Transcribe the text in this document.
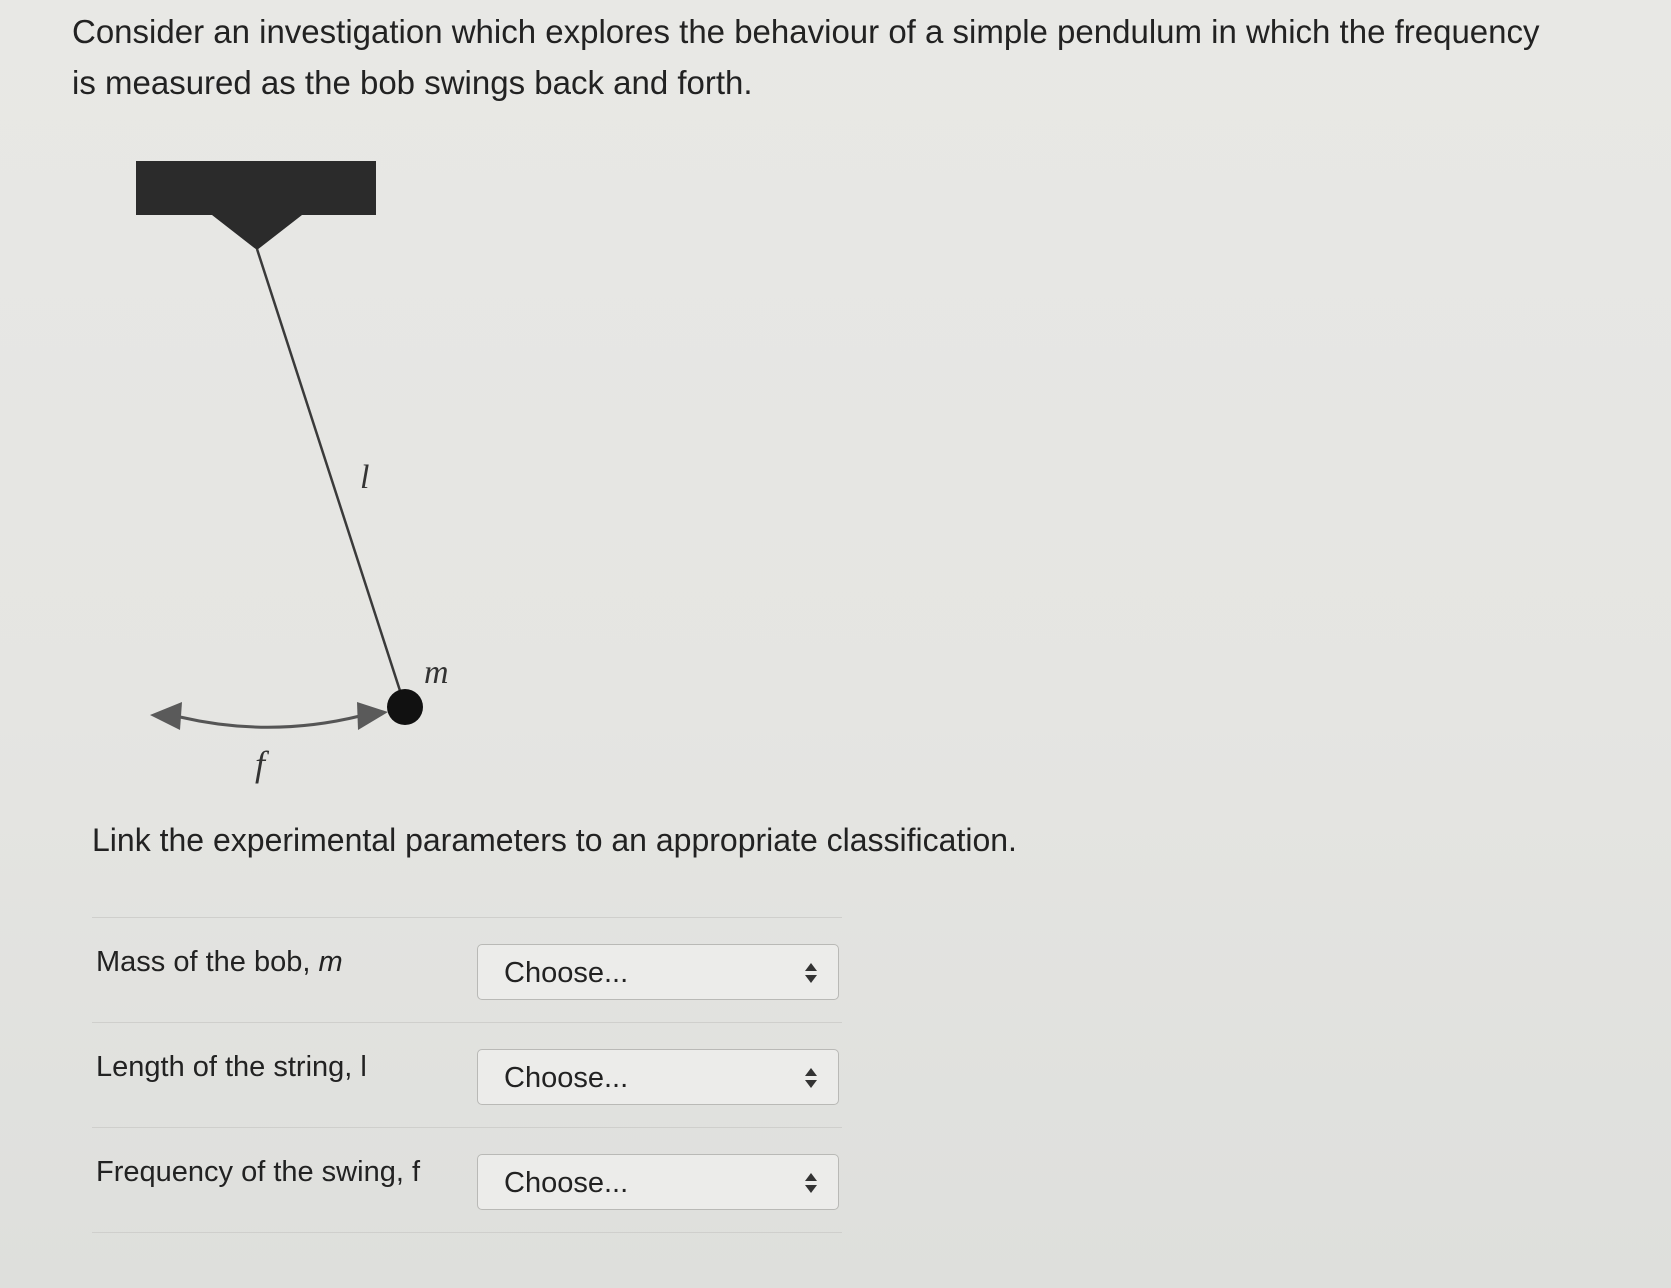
Consider an investigation which explores the behaviour of a simple pendulum in which the frequency is measured as the bob swings back and forth.
l
m
f
Link the experimental parameters to an appropriate classification.
Mass of the bob, m	Choose...
Length of the string, l	Choose...
Frequency of the swing, f	Choose...
